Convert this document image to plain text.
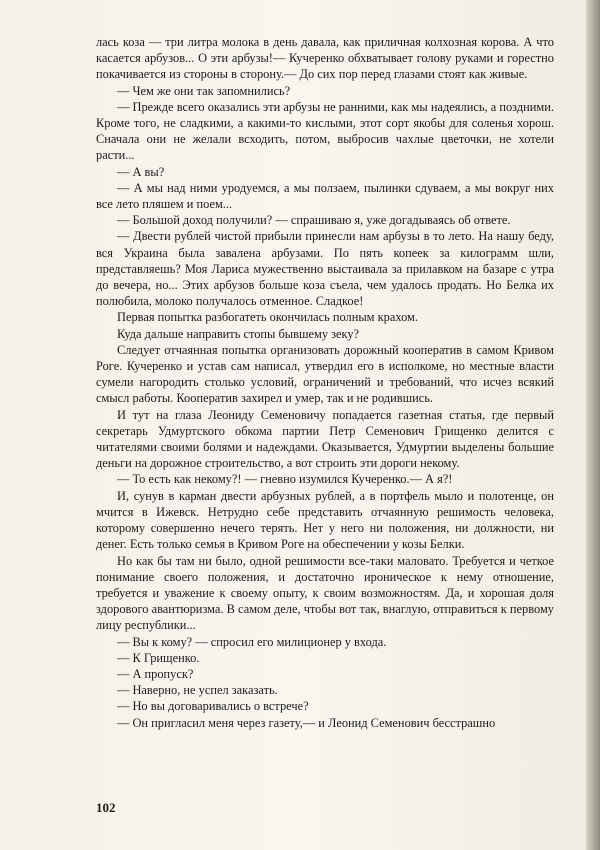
лась коза — три литра молока в день давала, как приличная колхозная корова. А что касается арбузов... О эти арбузы!— Кучеренко обхватывает голову руками и горестно покачивается из стороны в сторону.— До сих пор перед глазами стоят как живые.

— Чем же они так запомнились?

— Прежде всего оказались эти арбузы не ранними, как мы надеялись, а поздними. Кроме того, не сладкими, а какими-то кислыми, этот сорт якобы для соленья хорош. Сначала они не желали всходить, потом, выбросив чахлые цветочки, не хотели расти...

— А вы?

— А мы над ними уродуемся, а мы ползаем, пылинки сдуваем, а мы вокруг них все лето пляшем и поем...

— Большой доход получили? — спрашиваю я, уже догадываясь об ответе.

— Двести рублей чистой прибыли принесли нам арбузы в то лето. На нашу беду, вся Украина была завалена арбузами. По пять копеек за килограмм шли, представляешь? Моя Лариса мужественно выстаивала за прилавком на базаре с утра до вечера, но... Этих арбузов больше коза съела, чем удалось продать. Но Белка их полюбила, молоко получалось отменное. Сладкое!

Первая попытка разбогатеть окончилась полным крахом.

Куда дальше направить стопы бывшему зеку?

Следует отчаянная попытка организовать дорожный кооператив в самом Кривом Роге. Кучеренко и устав сам написал, утвердил его в исполкоме, но местные власти сумели нагородить столько условий, ограничений и требований, что исчез всякий смысл работы. Кооператив захирел и умер, так и не родившись.

И тут на глаза Леониду Семеновичу попадается газетная статья, где первый секретарь Удмуртского обкома партии Петр Семенович Грищенко делится с читателями своими болями и надеждами. Оказывается, Удмуртии выделены большие деньги на дорожное строительство, а вот строить эти дороги некому.

— То есть как некому?! — гневно изумился Кучеренко.— А я?!

И, сунув в карман двести арбузных рублей, а в портфель мыло и полотенце, он мчится в Ижевск. Нетрудно себе представить отчаянную решимость человека, которому совершенно нечего терять. Нет у него ни положения, ни должности, ни денег. Есть только семья в Кривом Роге на обеспечении у козы Белки.

Но как бы там ни было, одной решимости все-таки маловато. Требуется и четкое понимание своего положения, и достаточно ироническое к нему отношение, требуется и уважение к своему опыту, к своим возможностям. Да, и хорошая доля здорового авантюризма. В самом деле, чтобы вот так, внаглую, отправиться к первому лицу республики...

— Вы к кому? — спросил его милиционер у входа.

— К Грищенко.

— А пропуск?

— Наверно, не успел заказать.

— Но вы договаривались о встрече?

— Он пригласил меня через газету,— и Леонид Семенович бесстрашно

102
